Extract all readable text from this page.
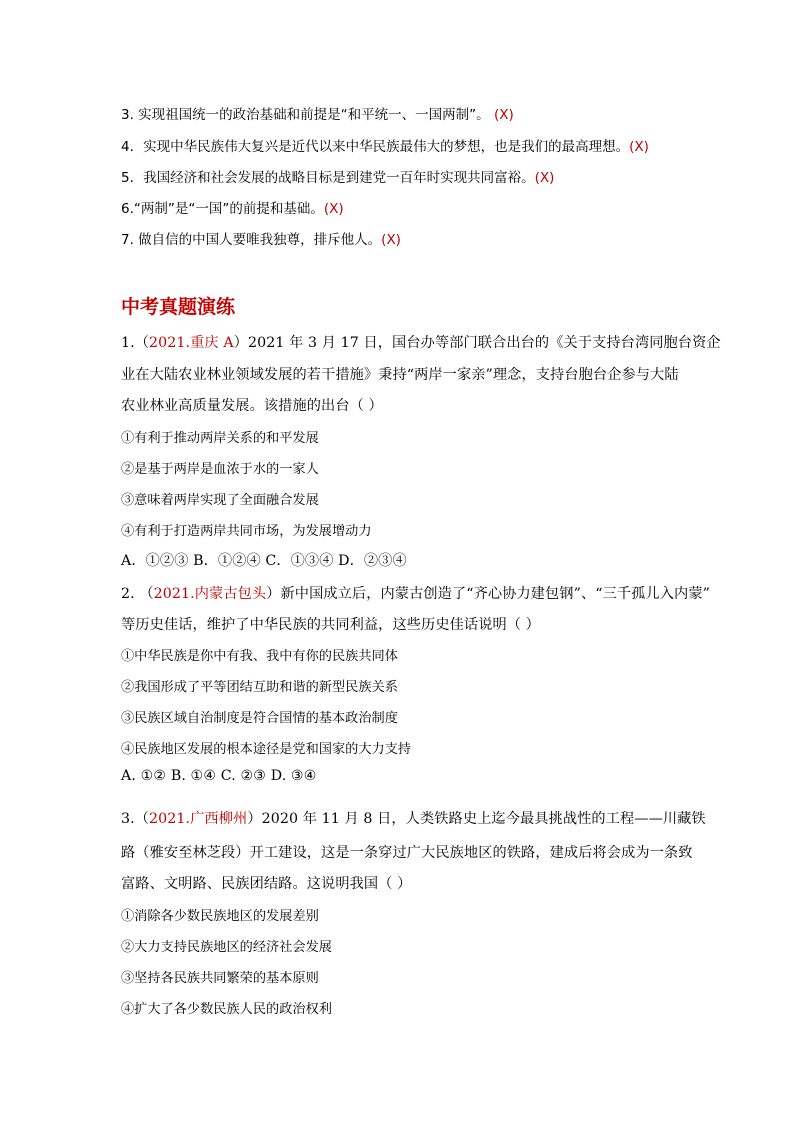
3. 实现祖国统一的政治基础和前提是“和平统一、一国两制”。 (X)
4．实现中华民族伟大复兴是近代以来中华民族最伟大的梦想，也是我们的最高理想。(X)
5．我国经济和社会发展的战略目标是到建党一百年时实现共同富裕。(X)
6.“两制”是“一国”的前提和基础。(X)
7. 做自信的中国人要唯我独尊，排斥他人。(X)
中考真题演练
1.（2021.重庆 A）2021 年 3 月 17 日，国台办等部门联合出台的《关于支持台湾同胞台资企
业在大陆农业林业领域发展的若干措施》秉持“两岸一家亲”理念，支持台胞台企参与大陆
农业林业高质量发展。该措施的出台（ ）
①有利于推动两岸关系的和平发展
②是基于两岸是血浓于水的一家人
③意味着两岸实现了全面融合发展
④有利于打造两岸共同市场，为发展增动力
A．①②③ B．①②④ C．①③④ D．②③④
2. （2021.内蒙古包头）新中国成立后，内蒙古创造了“齐心协力建包钢”、“三千孤儿入内蒙”
等历史佳话，维护了中华民族的共同利益，这些历史佳话说明（ ）
①中华民族是你中有我、我中有你的民族共同体
②我国形成了平等团结互助和谐的新型民族关系
③民族区域自治制度是符合国情的基本政治制度
④民族地区发展的根本途径是党和国家的大力支持
A. ①② B. ①④ C. ②③ D. ③④
3.（2021.广西柳州）2020 年 11 月 8 日，人类铁路史上迄今最具挑战性的工程——川藏铁
路（雅安至林芝段）开工建设，这是一条穿过广大民族地区的铁路，建成后将会成为一条致
富路、文明路、民族团结路。这说明我国（ ）
①消除各少数民族地区的发展差别
②大力支持民族地区的经济社会发展
③坚持各民族共同繁荣的基本原则
④扩大了各少数民族人民的政治权利
